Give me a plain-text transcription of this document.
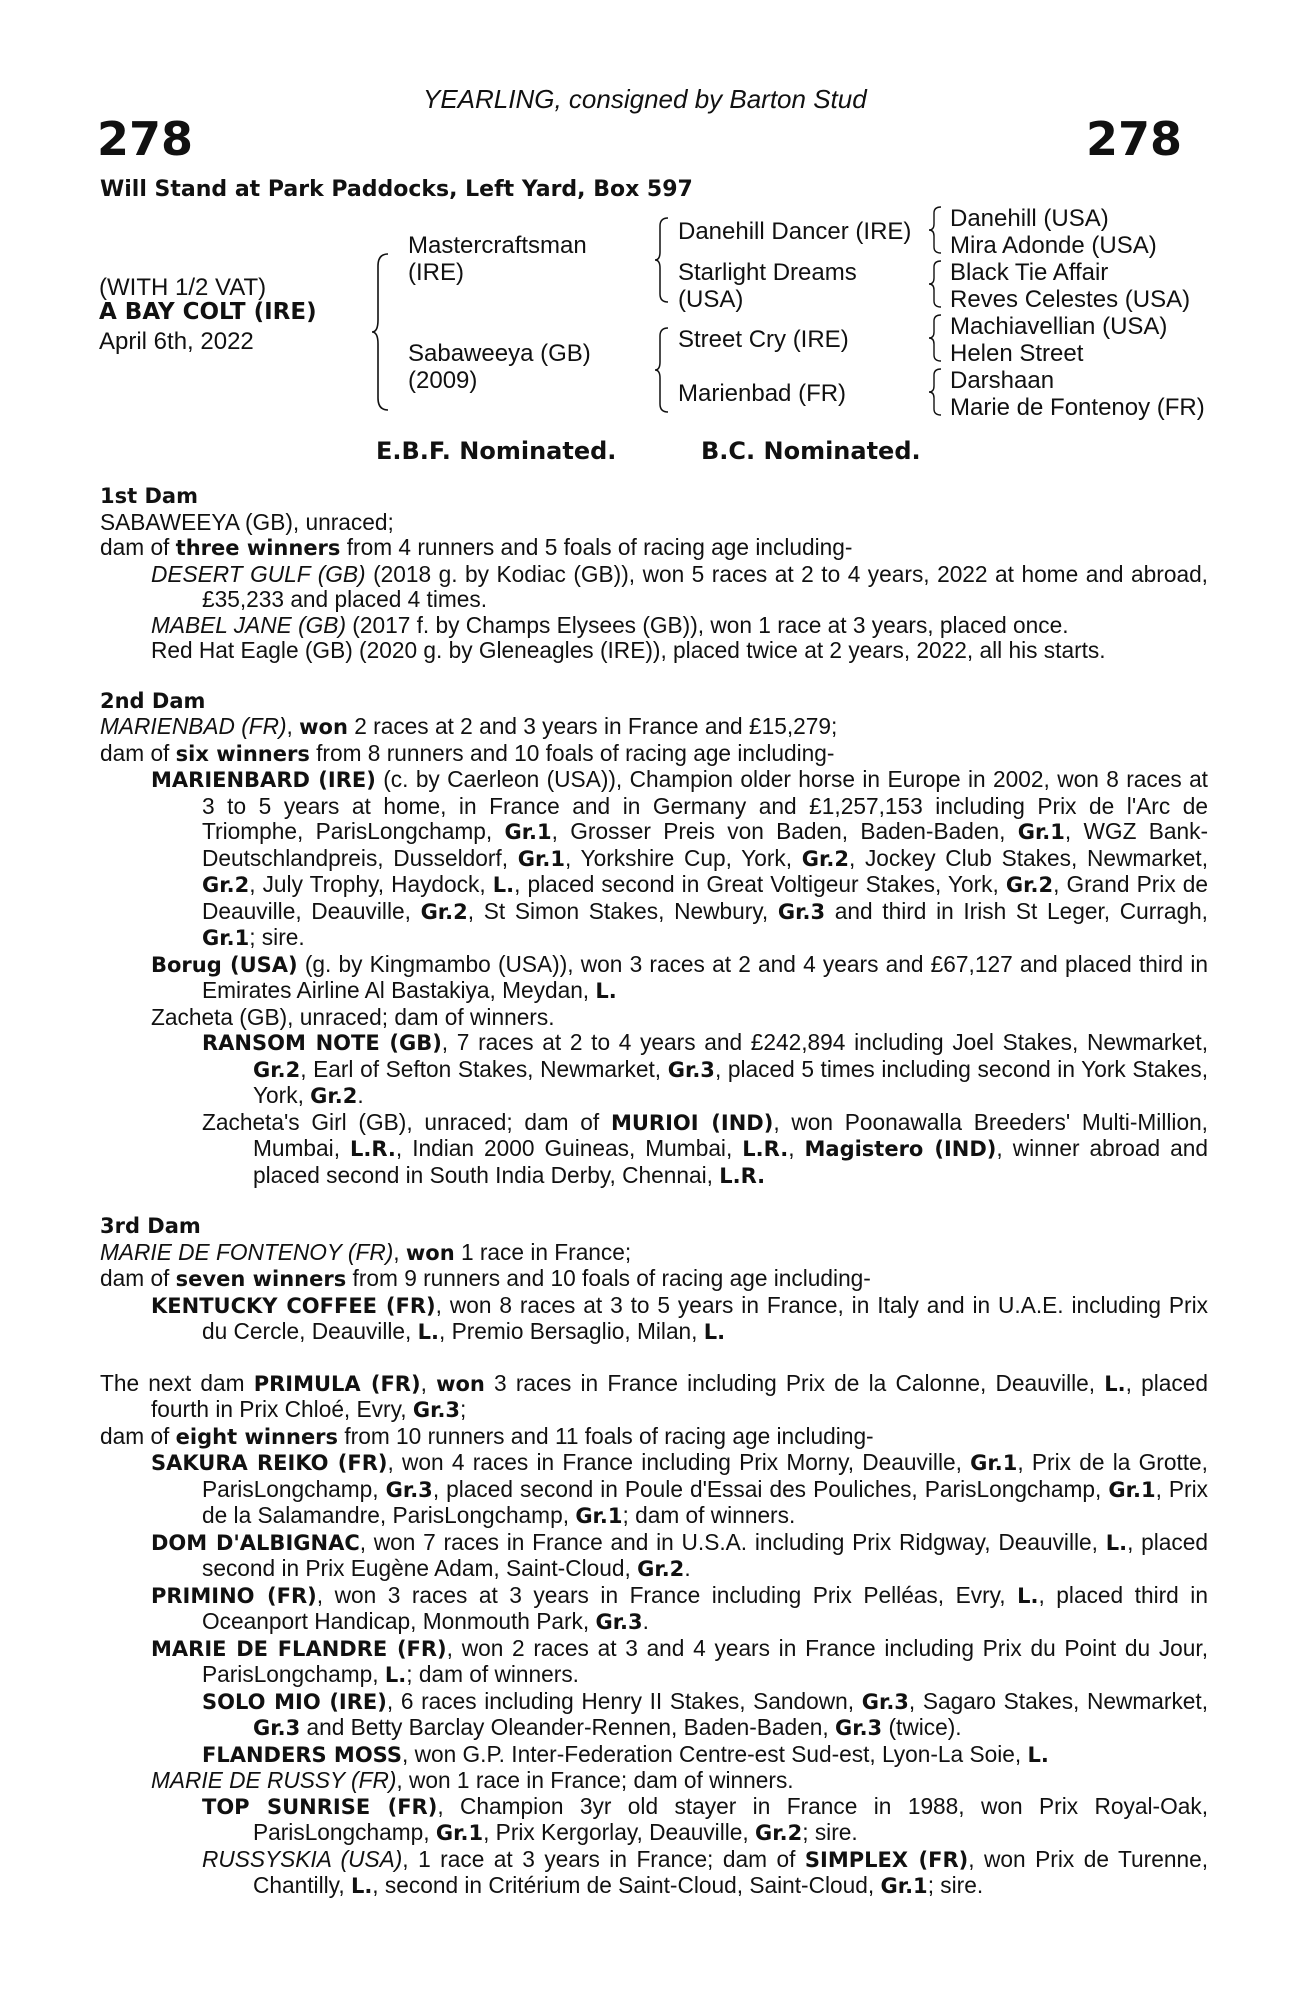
YEARLING, consigned by Barton Stud
278	278
Will Stand at Park Paddocks, Left Yard, Box 597
(WITH 1/2 VAT)
A BAY COLT (IRE)
April 6th, 2022
Mastercraftsman
(IRE)
Sabaweeya (GB)
(2009)
Danehill Dancer (IRE)
Starlight Dreams
(USA)
Street Cry (IRE)
Marienbad (FR)
Danehill (USA)
Mira Adonde (USA)
Black Tie Affair
Reves Celestes (USA)
Machiavellian (USA)
Helen Street
Darshaan
Marie de Fontenoy (FR)
E.B.F. Nominated.	B.C. Nominated.
1st Dam
SABAWEEYA (GB), unraced;
dam of three winners from 4 runners and 5 foals of racing age including-
DESERT GULF (GB) (2018 g. by Kodiac (GB)), won 5 races at 2 to 4 years, 2022 at home and abroad, £35,233 and placed 4 times.
MABEL JANE (GB) (2017 f. by Champs Elysees (GB)), won 1 race at 3 years, placed once.
Red Hat Eagle (GB) (2020 g. by Gleneagles (IRE)), placed twice at 2 years, 2022, all his starts.
2nd Dam
MARIENBAD (FR), won 2 races at 2 and 3 years in France and £15,279;
dam of six winners from 8 runners and 10 foals of racing age including-
MARIENBARD (IRE) (c. by Caerleon (USA)), Champion older horse in Europe in 2002, won 8 races at 3 to 5 years at home, in France and in Germany and £1,257,153 including Prix de l'Arc de Triomphe, ParisLongchamp, Gr.1, Grosser Preis von Baden, Baden-Baden, Gr.1, WGZ Bank-Deutschlandpreis, Dusseldorf, Gr.1, Yorkshire Cup, York, Gr.2, Jockey Club Stakes, Newmarket, Gr.2, July Trophy, Haydock, L., placed second in Great Voltigeur Stakes, York, Gr.2, Grand Prix de Deauville, Deauville, Gr.2, St Simon Stakes, Newbury, Gr.3 and third in Irish St Leger, Curragh, Gr.1; sire.
Borug (USA) (g. by Kingmambo (USA)), won 3 races at 2 and 4 years and £67,127 and placed third in Emirates Airline Al Bastakiya, Meydan, L.
Zacheta (GB), unraced; dam of winners.
RANSOM NOTE (GB), 7 races at 2 to 4 years and £242,894 including Joel Stakes, Newmarket, Gr.2, Earl of Sefton Stakes, Newmarket, Gr.3, placed 5 times including second in York Stakes, York, Gr.2.
Zacheta's Girl (GB), unraced; dam of MURIOI (IND), won Poonawalla Breeders' Multi-Million, Mumbai, L.R., Indian 2000 Guineas, Mumbai, L.R., Magistero (IND), winner abroad and placed second in South India Derby, Chennai, L.R.
3rd Dam
MARIE DE FONTENOY (FR), won 1 race in France;
dam of seven winners from 9 runners and 10 foals of racing age including-
KENTUCKY COFFEE (FR), won 8 races at 3 to 5 years in France, in Italy and in U.A.E. including Prix du Cercle, Deauville, L., Premio Bersaglio, Milan, L.
The next dam PRIMULA (FR), won 3 races in France including Prix de la Calonne, Deauville, L., placed fourth in Prix Chloé, Evry, Gr.3;
dam of eight winners from 10 runners and 11 foals of racing age including-
SAKURA REIKO (FR), won 4 races in France including Prix Morny, Deauville, Gr.1, Prix de la Grotte, ParisLongchamp, Gr.3, placed second in Poule d'Essai des Pouliches, ParisLongchamp, Gr.1, Prix de la Salamandre, ParisLongchamp, Gr.1; dam of winners.
DOM D'ALBIGNAC, won 7 races in France and in U.S.A. including Prix Ridgway, Deauville, L., placed second in Prix Eugène Adam, Saint-Cloud, Gr.2.
PRIMINO (FR), won 3 races at 3 years in France including Prix Pelléas, Evry, L., placed third in Oceanport Handicap, Monmouth Park, Gr.3.
MARIE DE FLANDRE (FR), won 2 races at 3 and 4 years in France including Prix du Point du Jour, ParisLongchamp, L.; dam of winners.
SOLO MIO (IRE), 6 races including Henry II Stakes, Sandown, Gr.3, Sagaro Stakes, Newmarket, Gr.3 and Betty Barclay Oleander-Rennen, Baden-Baden, Gr.3 (twice).
FLANDERS MOSS, won G.P. Inter-Federation Centre-est Sud-est, Lyon-La Soie, L.
MARIE DE RUSSY (FR), won 1 race in France; dam of winners.
TOP SUNRISE (FR), Champion 3yr old stayer in France in 1988, won Prix Royal-Oak, ParisLongchamp, Gr.1, Prix Kergorlay, Deauville, Gr.2; sire.
RUSSYSKIA (USA), 1 race at 3 years in France; dam of SIMPLEX (FR), won Prix de Turenne, Chantilly, L., second in Critérium de Saint-Cloud, Saint-Cloud, Gr.1; sire.
